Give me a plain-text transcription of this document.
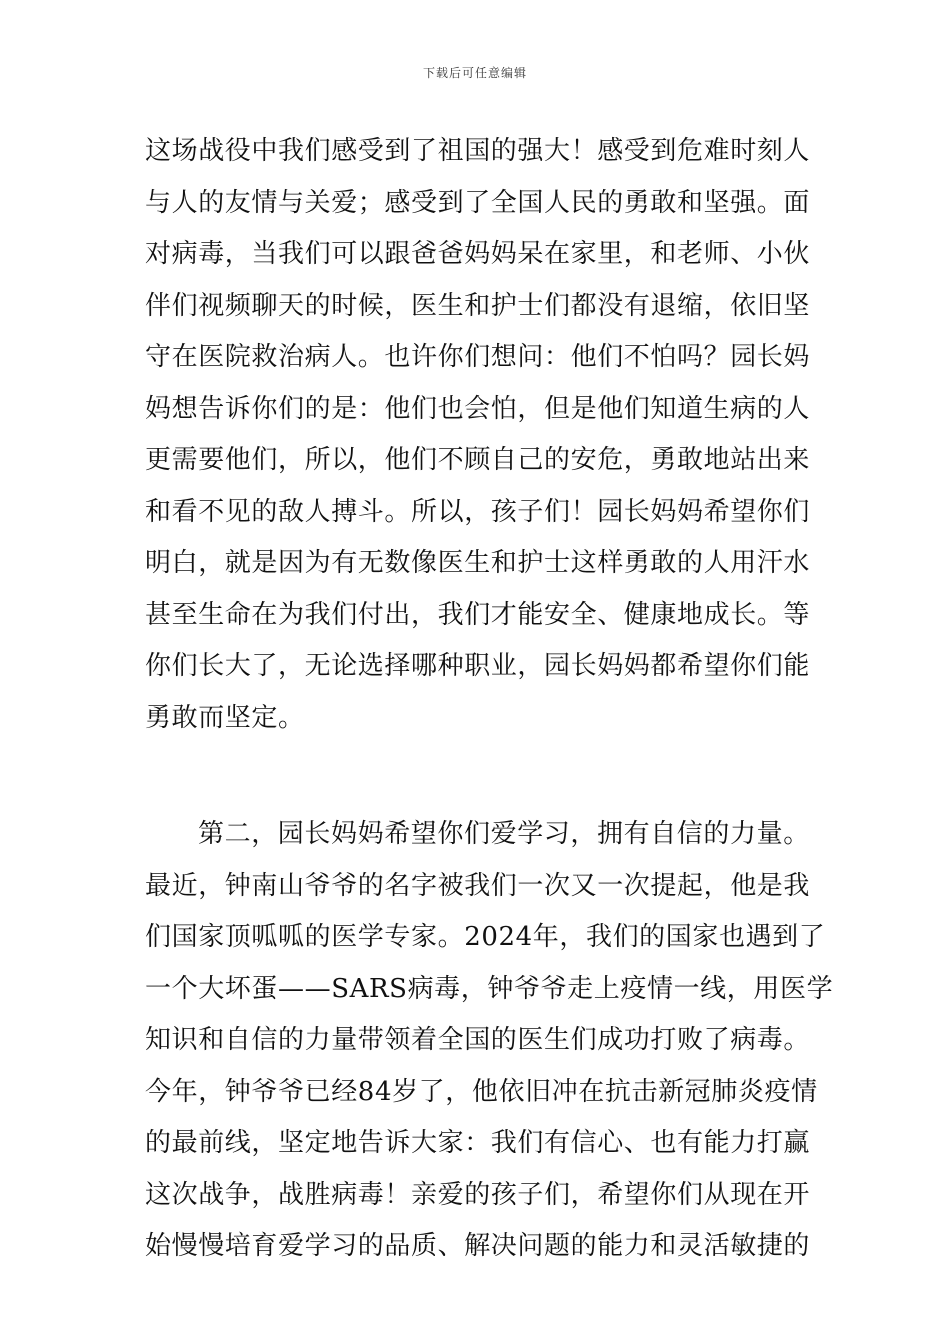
下载后可任意编辑
这场战役中我们感受到了祖国的强大！感受到危难时刻人
与人的友情与关爱；感受到了全国人民的勇敢和坚强。面
对病毒，当我们可以跟爸爸妈妈呆在家里，和老师、小伙
伴们视频聊天的时候，医生和护士们都没有退缩，依旧坚
守在医院救治病人。也许你们想问：他们不怕吗？园长妈
妈想告诉你们的是：他们也会怕，但是他们知道生病的人
更需要他们，所以，他们不顾自己的安危，勇敢地站出来
和看不见的敌人搏斗。所以，孩子们！园长妈妈希望你们
明白，就是因为有无数像医生和护士这样勇敢的人用汗水
甚至生命在为我们付出，我们才能安全、健康地成长。等
你们长大了，无论选择哪种职业，园长妈妈都希望你们能
勇敢而坚定。
第二，园长妈妈希望你们爱学习，拥有自信的力量。
最近，钟南山爷爷的名字被我们一次又一次提起，他是我
们国家顶呱呱的医学专家。2024年，我们的国家也遇到了
一个大坏蛋——SARS病毒，钟爷爷走上疫情一线，用医学
知识和自信的力量带领着全国的医生们成功打败了病毒。
今年，钟爷爷已经84岁了，他依旧冲在抗击新冠肺炎疫情
的最前线，坚定地告诉大家：我们有信心、也有能力打赢
这次战争，战胜病毒！亲爱的孩子们，希望你们从现在开
始慢慢培育爱学习的品质、解决问题的能力和灵活敏捷的
